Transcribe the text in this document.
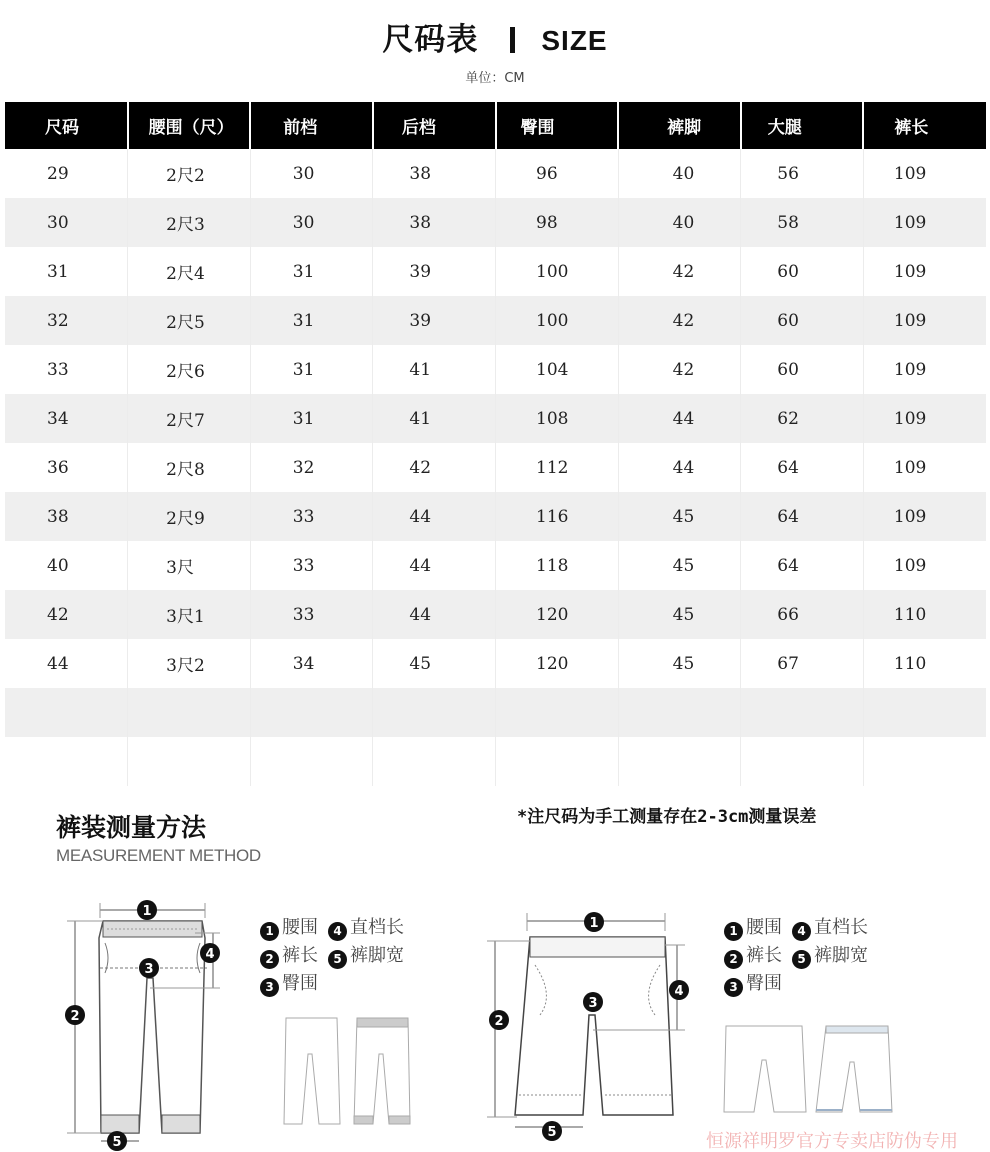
尺码表 SIZE
单位：CM
尺码	腰围（尺）	前档	后档	臀围	裤脚	大腿	裤长
29	2尺2	30	38	96	40	56	109
30	2尺3	30	38	98	40	58	109
31	2尺4	31	39	100	42	60	109
32	2尺5	31	39	100	42	60	109
33	2尺6	31	41	104	42	60	109
34	2尺7	31	41	108	44	62	109
36	2尺8	32	42	112	44	64	109
38	2尺9	33	44	116	45	64	109
40	3尺	33	44	118	45	64	109
42	3尺1	33	44	120	45	66	110
44	3尺2	34	45	120	45	67	110

裤装测量方法
MEASUREMENT METHOD
*注尺码为手工测量存在2-3cm测量误差
1 腰围 4 直档长
2 裤长 5 裤脚宽
3 臀围
1 腰围 4 直档长
2 裤长 5 裤脚宽
3 臀围
1
2
3
4
5
1
2
3
4
5	恒源祥明罗官方专卖店防伪专用
